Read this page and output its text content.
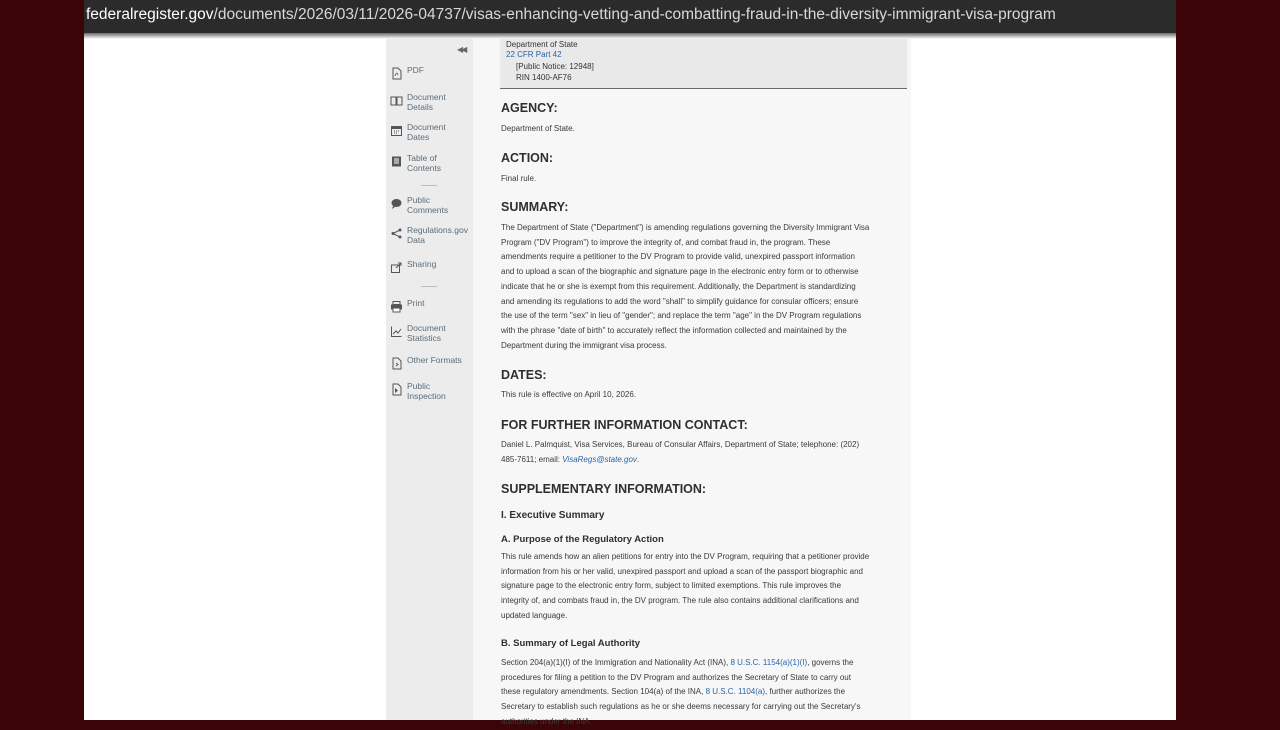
federalregister.gov/documents/2026/03/11/2026-04737/visas-enhancing-vetting-and-combatting-fraud-in-the-diversity-immigrant-visa-program
◀◀
PDF
Document
Details
Document
Dates
Table of
Contents
Public
Comments
Regulations.gov
Data
Sharing
Print
Document
Statistics
Other Formats
Public
Inspection
Department of State
22 CFR Part 42
[Public Notice: 12948]
RIN 1400-AF76
AGENCY:
Department of State.
ACTION:
Final rule.
SUMMARY:
The Department of State ("Department") is amending regulations governing the Diversity Immigrant Visa
Program ("DV Program") to improve the integrity of, and combat fraud in, the program. These
amendments require a petitioner to the DV Program to provide valid, unexpired passport information
and to upload a scan of the biographic and signature page in the electronic entry form or to otherwise
indicate that he or she is exempt from this requirement. Additionally, the Department is standardizing
and amending its regulations to add the word "shall" to simplify guidance for consular officers; ensure
the use of the term "sex" in lieu of "gender"; and replace the term "age" in the DV Program regulations
with the phrase "date of birth" to accurately reflect the information collected and maintained by the
Department during the immigrant visa process.
DATES:
This rule is effective on April 10, 2026.
FOR FURTHER INFORMATION CONTACT:
Daniel L. Palmquist, Visa Services, Bureau of Consular Affairs, Department of State; telephone: (202)
485-7611; email: VisaRegs@state.gov.
SUPPLEMENTARY INFORMATION:
I. Executive Summary
A. Purpose of the Regulatory Action
This rule amends how an alien petitions for entry into the DV Program, requiring that a petitioner provide
information from his or her valid, unexpired passport and upload a scan of the passport biographic and
signature page to the electronic entry form, subject to limited exemptions. This rule improves the
integrity of, and combats fraud in, the DV program. The rule also contains additional clarifications and
updated language.
B. Summary of Legal Authority
Section 204(a)(1)(I) of the Immigration and Nationality Act (INA), 8 U.S.C. 1154(a)(1)(I), governs the
procedures for filing a petition to the DV Program and authorizes the Secretary of State to carry out
these regulatory amendments. Section 104(a) of the INA, 8 U.S.C. 1104(a), further authorizes the
Secretary to establish such regulations as he or she deems necessary for carrying out the Secretary's
authorities under the INA.
